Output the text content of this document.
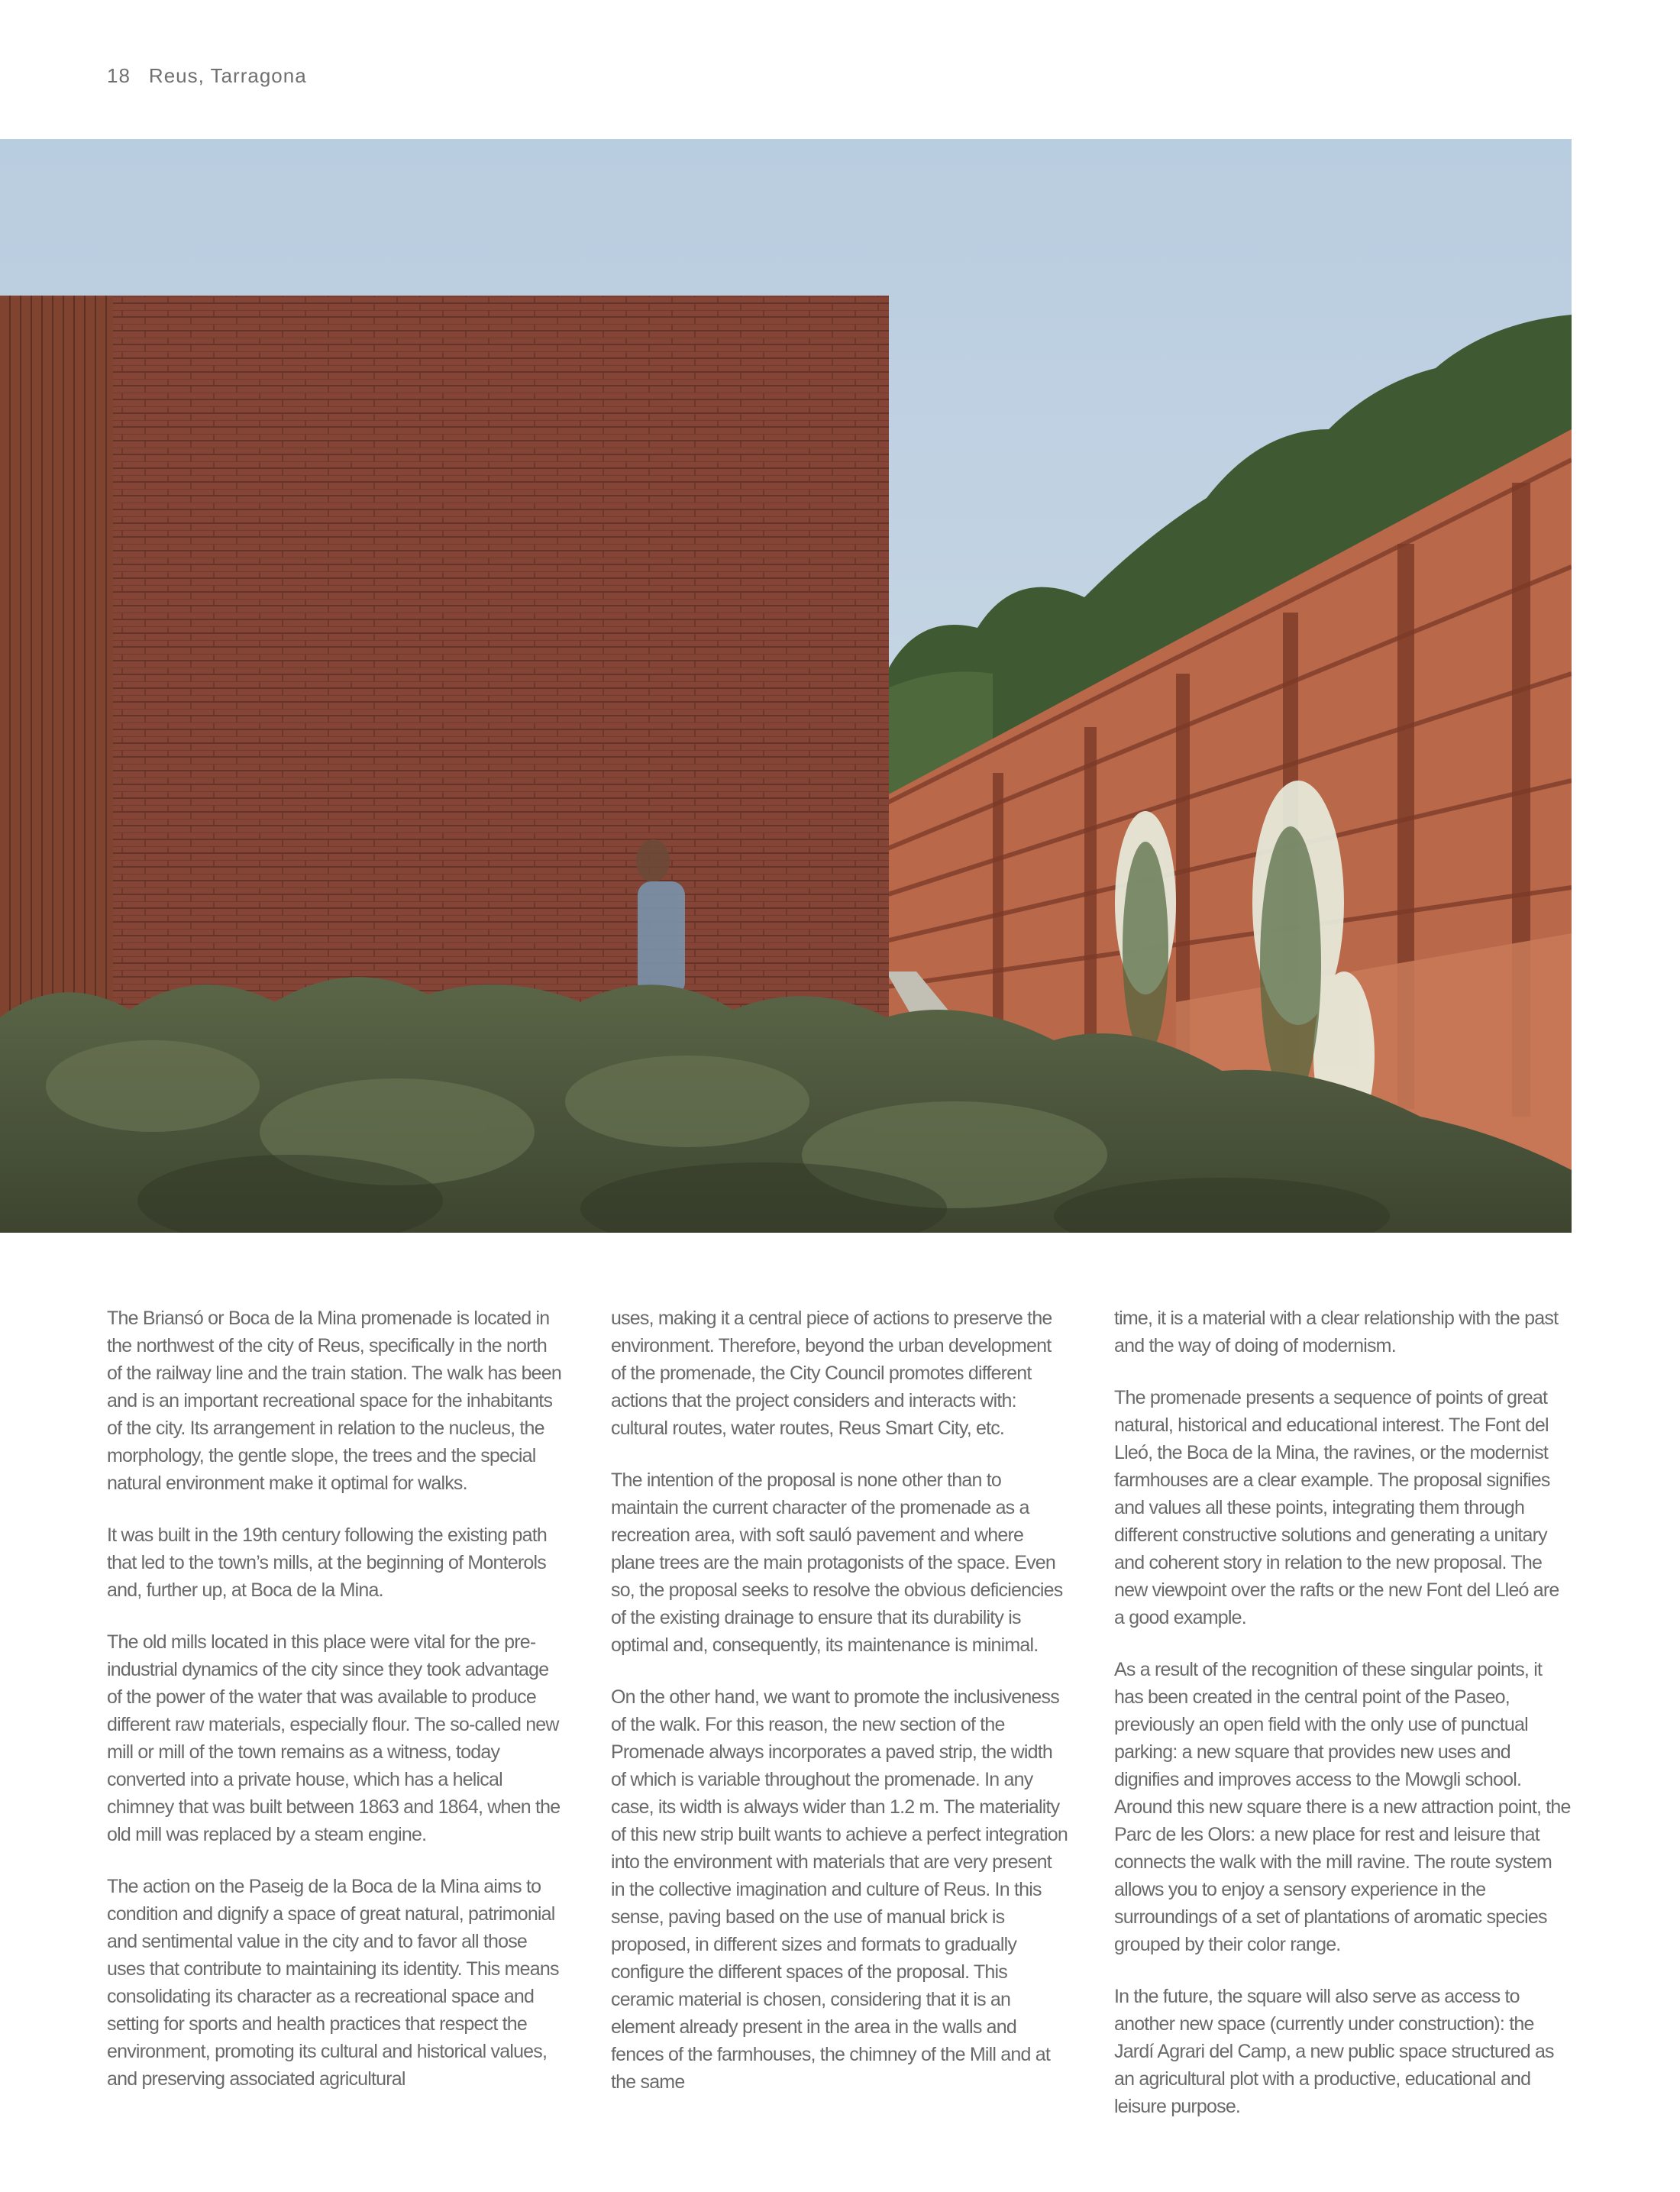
18 Reus, Tarragona

The Briansó or Boca de la Mina promenade is located in the northwest of the city of Reus, specifically in the north of the railway line and the train station. The walk has been and is an important recreational space for the inhabitants of the city. Its arrangement in relation to the nucleus, the morphology, the gentle slope, the trees and the special natural environment make it optimal for walks.

It was built in the 19th century following the existing path that led to the town’s mills, at the beginning of Monterols and, further up, at Boca de la Mina.

The old mills located in this place were vital for the pre-industrial dynamics of the city since they took advantage of the power of the water that was available to produce different raw materials, especially flour. The so-called new mill or mill of the town remains as a witness, today converted into a private house, which has a helical chimney that was built between 1863 and 1864, when the old mill was replaced by a steam engine.

The action on the Paseig de la Boca de la Mina aims to condition and dignify a space of great natural, patrimonial and sentimental value in the city and to favor all those uses that contribute to maintaining its identity. This means consolidating its character as a recreational space and setting for sports and health practices that respect the environment, promoting its cultural and historical values, and preserving associated agricultural

uses, making it a central piece of actions to preserve the environment. Therefore, beyond the urban development of the promenade, the City Council promotes different actions that the project considers and interacts with: cultural routes, water routes, Reus Smart City, etc.

The intention of the proposal is none other than to maintain the current character of the promenade as a recreation area, with soft sauló pavement and where plane trees are the main protagonists of the space. Even so, the proposal seeks to resolve the obvious deficiencies of the existing drainage to ensure that its durability is optimal and, consequently, its maintenance is minimal.

On the other hand, we want to promote the inclusiveness of the walk. For this reason, the new section of the Promenade always incorporates a paved strip, the width of which is variable throughout the promenade. In any case, its width is always wider than 1.2 m. The materiality of this new strip built wants to achieve a perfect integration into the environment with materials that are very present in the collective imagination and culture of Reus. In this sense, paving based on the use of manual brick is proposed, in different sizes and formats to gradually configure the different spaces of the proposal. This ceramic material is chosen, considering that it is an element already present in the area in the walls and fences of the farmhouses, the chimney of the Mill and at the same

time, it is a material with a clear relationship with the past and the way of doing of modernism.

The promenade presents a sequence of points of great natural, historical and educational interest. The Font del Lleó, the Boca de la Mina, the ravines, or the modernist farmhouses are a clear example. The proposal signifies and values all these points, integrating them through different constructive solutions and generating a unitary and coherent story in relation to the new proposal. The new viewpoint over the rafts or the new Font del Lleó are a good example.

As a result of the recognition of these singular points, it has been created in the central point of the Paseo, previously an open field with the only use of punctual parking: a new square that provides new uses and dignifies and improves access to the Mowgli school. Around this new square there is a new attraction point, the Parc de les Olors: a new place for rest and leisure that connects the walk with the mill ravine. The route system allows you to enjoy a sensory experience in the surroundings of a set of plantations of aromatic species grouped by their color range.

In the future, the square will also serve as access to another new space (currently under construction): the Jardí Agrari del Camp, a new public space structured as an agricultural plot with a productive, educational and leisure purpose.
